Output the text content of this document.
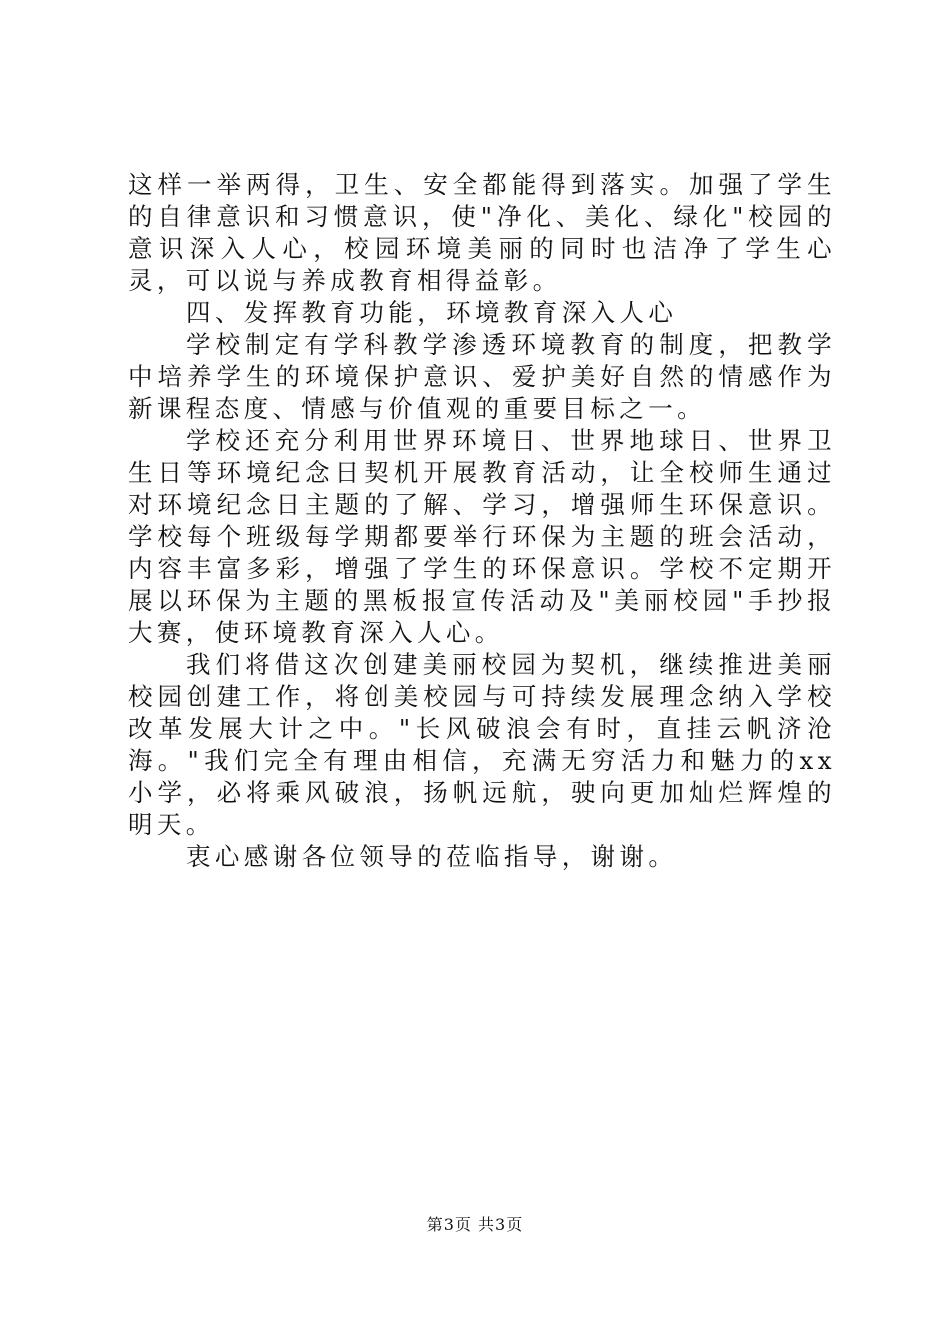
这样一举两得，卫生、安全都能得到落实。加强了学生的自律意识和习惯意识，使"净化、美化、绿化"校园的意识深入人心，校园环境美丽的同时也洁净了学生心灵，可以说与养成教育相得益彰。

四、发挥教育功能，环境教育深入人心

学校制定有学科教学渗透环境教育的制度，把教学中培养学生的环境保护意识、爱护美好自然的情感作为新课程态度、情感与价值观的重要目标之一。

学校还充分利用世界环境日、世界地球日、世界卫生日等环境纪念日契机开展教育活动，让全校师生通过对环境纪念日主题的了解、学习，增强师生环保意识。学校每个班级每学期都要举行环保为主题的班会活动，内容丰富多彩，增强了学生的环保意识。学校不定期开展以环保为主题的黑板报宣传活动及"美丽校园"手抄报大赛，使环境教育深入人心。

我们将借这次创建美丽校园为契机，继续推进美丽校园创建工作，将创美校园与可持续发展理念纳入学校改革发展大计之中。"长风破浪会有时，直挂云帆济沧海。"我们完全有理由相信，充满无穷活力和魅力的xx小学，必将乘风破浪，扬帆远航，驶向更加灿烂辉煌的明天。

衷心感谢各位领导的莅临指导，谢谢。

第3页 共3页
